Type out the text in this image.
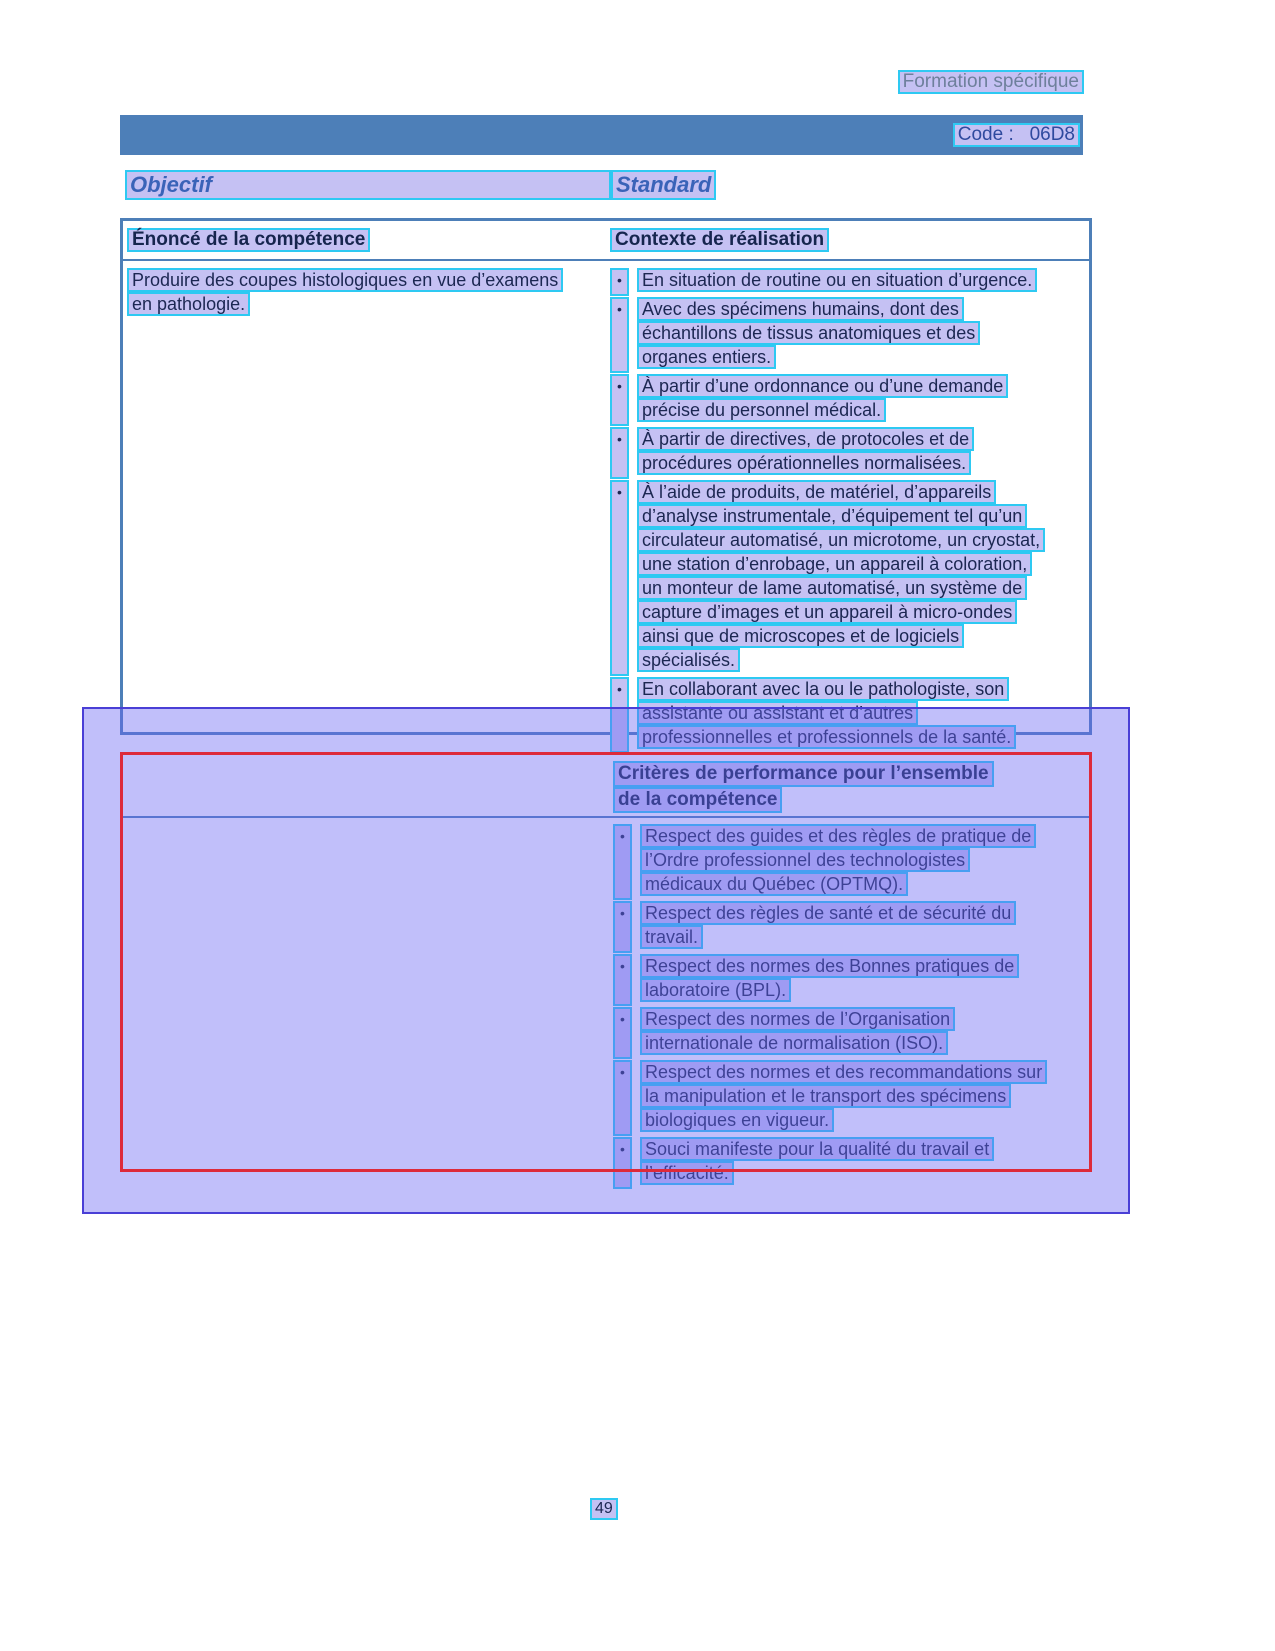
Formation spécifique
Code :   06D8
Objectif	Standard
Énoncé de la compétence	Contexte de réalisation
Produire des coupes histologiques en vue d’examens
en pathologie.
• En situation de routine ou en situation d’urgence.
• Avec des spécimens humains, dont des
échantillons de tissus anatomiques et des
organes entiers.
• À partir d’une ordonnance ou d’une demande
précise du personnel médical.
• À partir de directives, de protocoles et de
procédures opérationnelles normalisées.
• À l’aide de produits, de matériel, d’appareils
d’analyse instrumentale, d’équipement tel qu’un
circulateur automatisé, un microtome, un cryostat,
une station d’enrobage, un appareil à coloration,
un monteur de lame automatisé, un système de
capture d’images et un appareil à micro-ondes
ainsi que de microscopes et de logiciels
spécialisés.
• En collaborant avec la ou le pathologiste, son
assistante ou assistant et d’autres
professionnelles et professionnels de la santé.
Critères de performance pour l’ensemble
de la compétence
• Respect des guides et des règles de pratique de
l’Ordre professionnel des technologistes
médicaux du Québec (OPTMQ).
• Respect des règles de santé et de sécurité du
travail.
• Respect des normes des Bonnes pratiques de
laboratoire (BPL).
• Respect des normes de l’Organisation
internationale de normalisation (ISO).
• Respect des normes et des recommandations sur
la manipulation et le transport des spécimens
biologiques en vigueur.
• Souci manifeste pour la qualité du travail et
l’efficacité.
49
